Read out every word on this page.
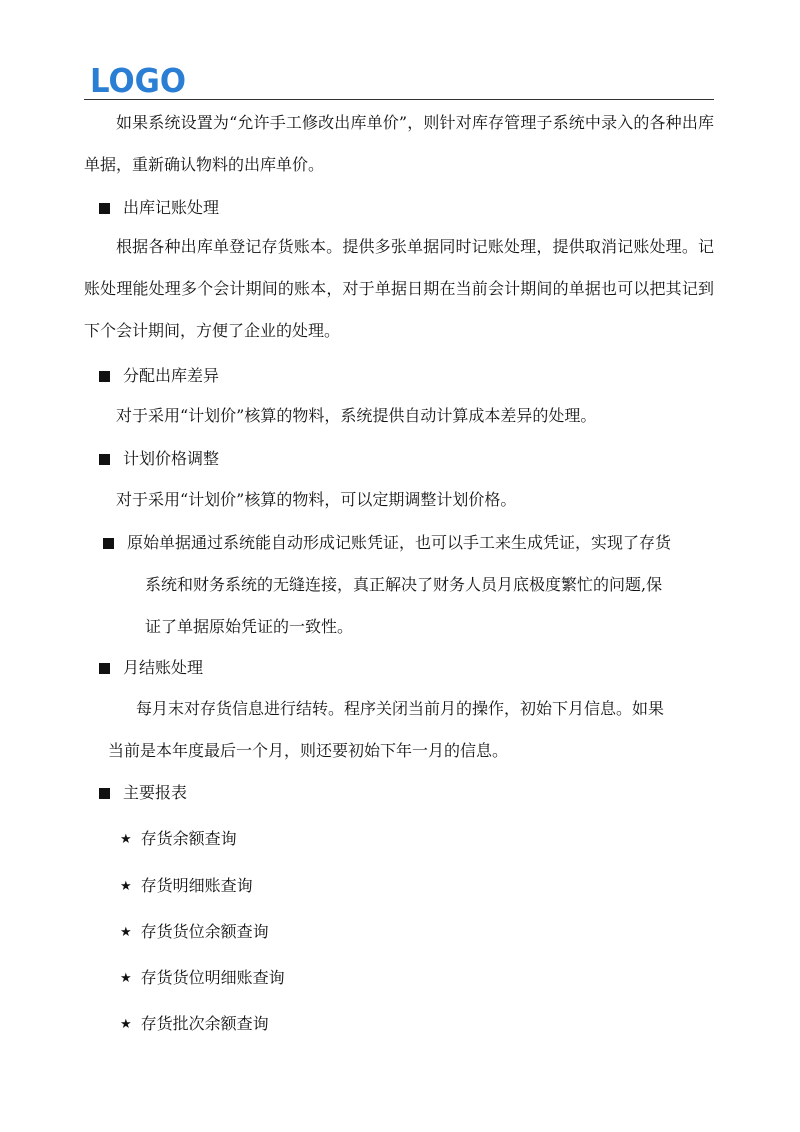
LOGO

如果系统设置为“允许手工修改出库单价”，则针对库存管理子系统中录入的各种出库单据，重新确认物料的出库单价。

出库记账处理

根据各种出库单登记存货账本。提供多张单据同时记账处理，提供取消记账处理。记账处理能处理多个会计期间的账本，对于单据日期在当前会计期间的单据也可以把其记到下个会计期间，方便了企业的处理。

分配出库差异

对于采用“计划价”核算的物料，系统提供自动计算成本差异的处理。

计划价格调整

对于采用“计划价”核算的物料，可以定期调整计划价格。

原始单据通过系统能自动形成记账凭证，也可以手工来生成凭证，实现了存货

系统和财务系统的无缝连接，真正解决了财务人员月底极度繁忙的问题,保

证了单据原始凭证的一致性。

月结账处理

每月末对存货信息进行结转。程序关闭当前月的操作，初始下月信息。如果

当前是本年度最后一个月，则还要初始下年一月的信息。

主要报表

★ 存货余额查询

★ 存货明细账查询

★ 存货货位余额查询

★ 存货货位明细账查询

★ 存货批次余额查询
